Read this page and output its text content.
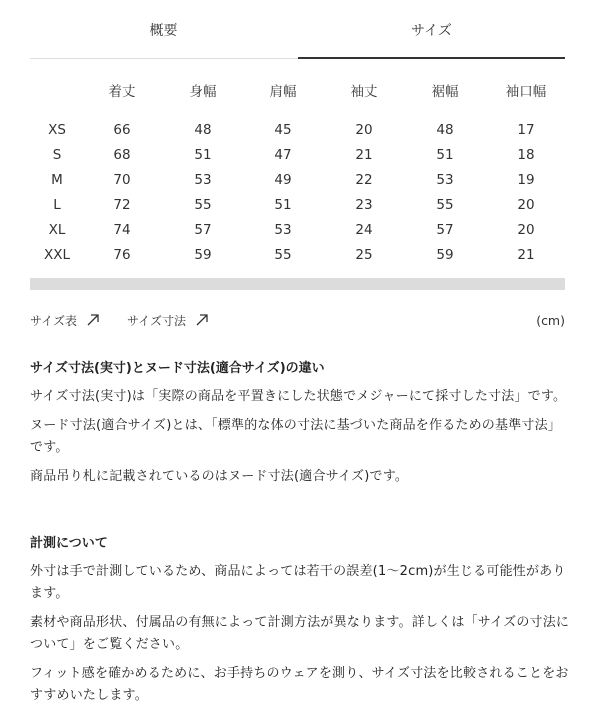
概要	サイズ
着丈	身幅	肩幅	袖丈	裾幅	袖口幅
XS	66	48	45	20	48	17
S	68	51	47	21	51	18
M	70	53	49	22	53	19
L	72	55	51	23	55	20
XL	74	57	53	24	57	20
XXL	76	59	55	25	59	21
サイズ表	サイズ寸法	(cm)
サイズ寸法(実寸)とヌード寸法(適合サイズ)の違い

サイズ寸法(実寸)は「実際の商品を平置きにした状態でメジャーにて採寸した寸法」です。

ヌード寸法(適合サイズ)とは、「標準的な体の寸法に基づいた商品を作るための基準寸法」です。

商品吊り札に記載されているのはヌード寸法(適合サイズ)です。

計測について

外寸は手で計測しているため、商品によっては若干の誤差(1〜2cm)が生じる可能性があります。

素材や商品形状、付属品の有無によって計測方法が異なります。詳しくは「サイズの寸法について」をご覧ください。

フィット感を確かめるために、お手持ちのウェアを測り、サイズ寸法を比較されることをおすすめいたします。
